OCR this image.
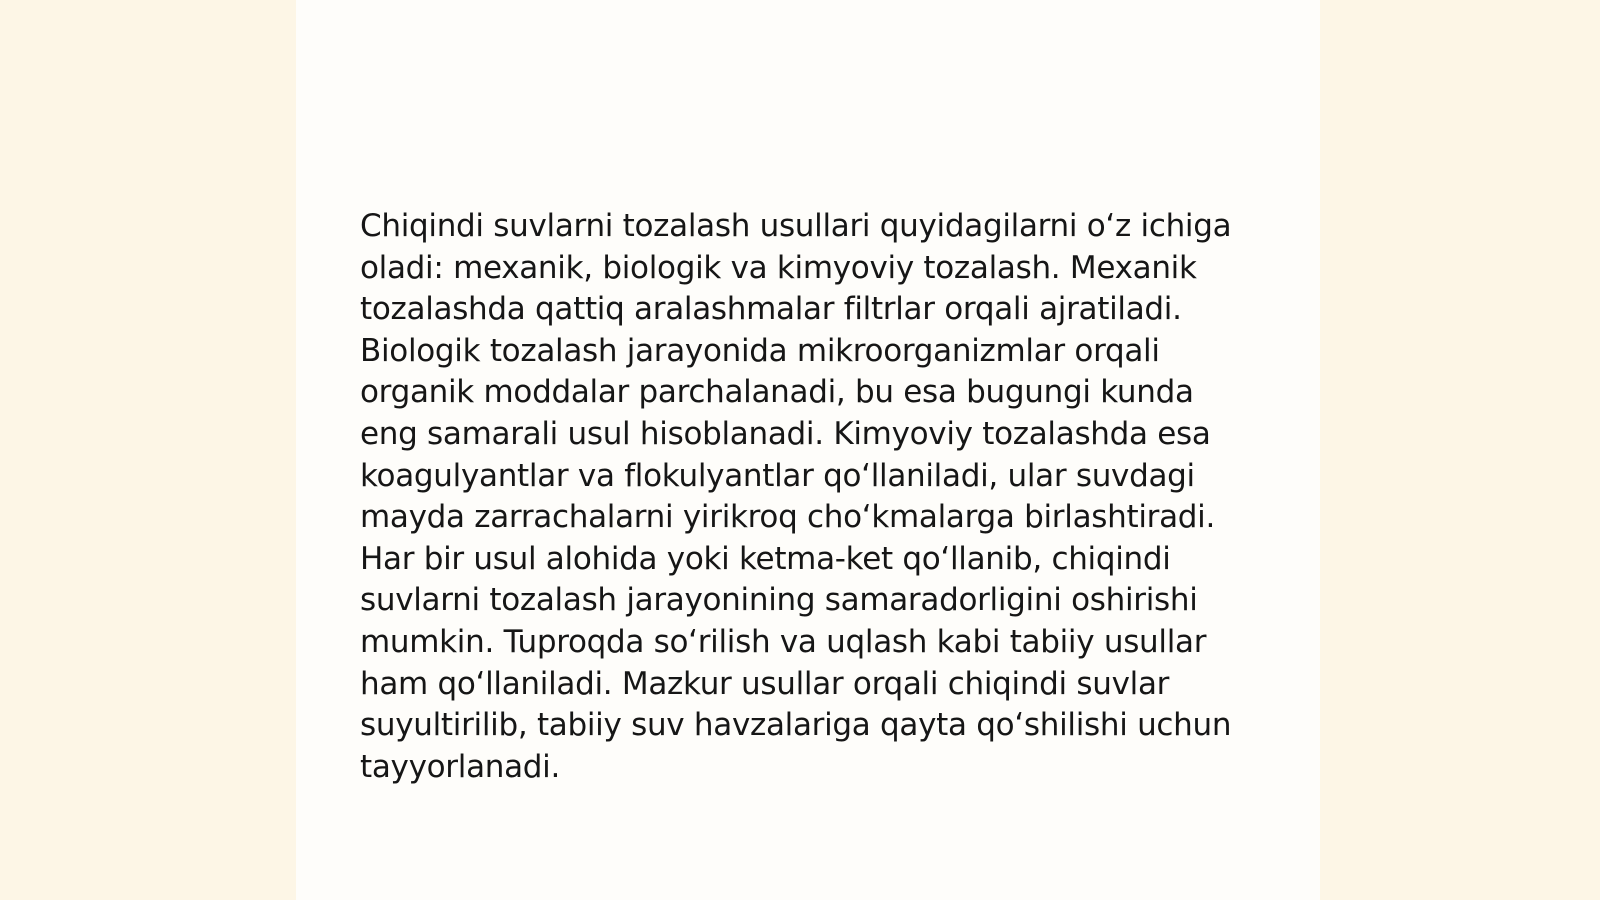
Chiqindi suvlarni tozalash usullari quyidagilarni o‘z ichiga oladi: mexanik, biologik va kimyoviy tozalash. Mexanik tozalashda qattiq aralashmalar filtrlar orqali ajratiladi. Biologik tozalash jarayonida mikroorganizmlar orqali organik moddalar parchalanadi, bu esa bugungi kunda eng samarali usul hisoblanadi. Kimyoviy tozalashda esa koagulyantlar va flokulyantlar qo‘llaniladi, ular suvdagi mayda zarrachalarni yirikroq cho‘kmalarga birlashtiradi. Har bir usul alohida yoki ketma-ket qo‘llanib, chiqindi suvlarni tozalash jarayonining samaradorligini oshirishi mumkin. Tuproqda so‘rilish va uqlash kabi tabiiy usullar ham qo‘llaniladi. Mazkur usullar orqali chiqindi suvlar suyultirilib, tabiiy suv havzalariga qayta qo‘shilishi uchun tayyorlanadi.
